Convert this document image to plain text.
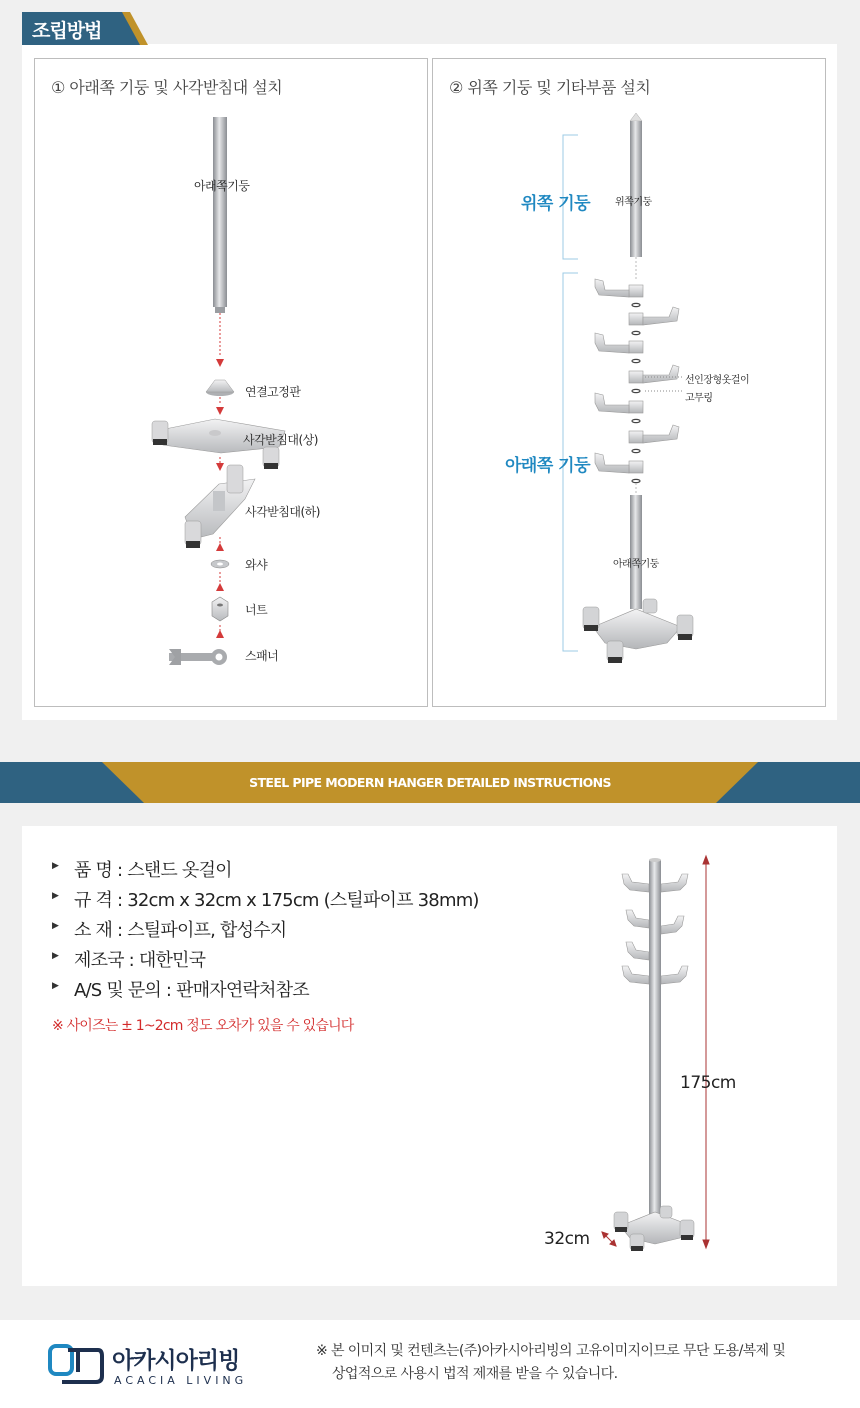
조립방법
① 아래쪽 기둥 및 사각받침대 설치
아래쪽기둥
연결고정판
사각받침대(상)
사각받침대(하)
와샤
너트
스패너
② 위쪽 기둥 및 기타부품 설치
위쪽 기둥
아래쪽 기둥
위쪽기둥
선인장형옷걸이
고무링
아래쪽기둥
STEEL PIPE MODERN HANGER DETAILED INSTRUCTIONS
▶ 품 명 : 스탠드 옷걸이
▶ 규 격 : 32cm x 32cm x 175cm (스틸파이프 38mm)
▶ 소 재 : 스틸파이프, 합성수지
▶ 제조국 : 대한민국
▶ A/S 및 문의 : 판매자연락처참조
※ 사이즈는 ± 1~2cm 정도 오차가 있을 수 있습니다
175cm
32cm
아카시아리빙
ACACIA LIVING
※ 본 이미지 및 컨텐츠는(주)아카시아리빙의 고유이미지이므로 무단 도용/복제 및
상업적으로 사용시 법적 제재를 받을 수 있습니다.
